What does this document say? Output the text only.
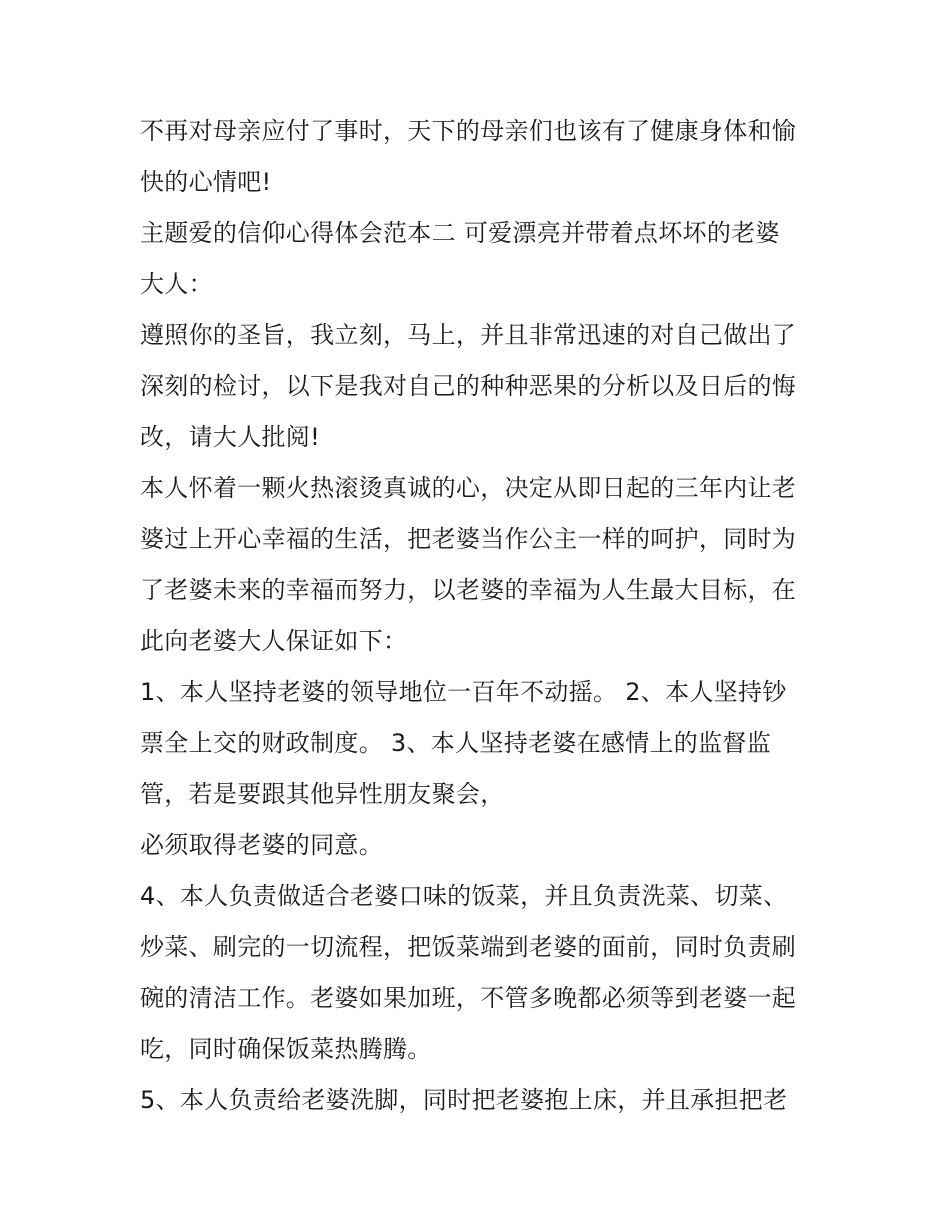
不再对母亲应付了事时，天下的母亲们也该有了健康身体和愉
快的心情吧!
主题爱的信仰心得体会范本二 可爱漂亮并带着点坏坏的老婆
大人：
遵照你的圣旨，我立刻，马上，并且非常迅速的对自己做出了
深刻的检讨，以下是我对自己的种种恶果的分析以及日后的悔
改，请大人批阅!
本人怀着一颗火热滚烫真诚的心，决定从即日起的三年内让老
婆过上开心幸福的生活，把老婆当作公主一样的呵护，同时为
了老婆未来的幸福而努力，以老婆的幸福为人生最大目标，在
此向老婆大人保证如下：
1、本人坚持老婆的领导地位一百年不动摇。 2、本人坚持钞
票全上交的财政制度。 3、本人坚持老婆在感情上的监督监
管，若是要跟其他异性朋友聚会，
必须取得老婆的同意。
4、本人负责做适合老婆口味的饭菜，并且负责洗菜、切菜、
炒菜、刷完的一切流程，把饭菜端到老婆的面前，同时负责刷
碗的清洁工作。老婆如果加班，不管多晚都必须等到老婆一起
吃，同时确保饭菜热腾腾。
5、本人负责给老婆洗脚，同时把老婆抱上床，并且承担把老
